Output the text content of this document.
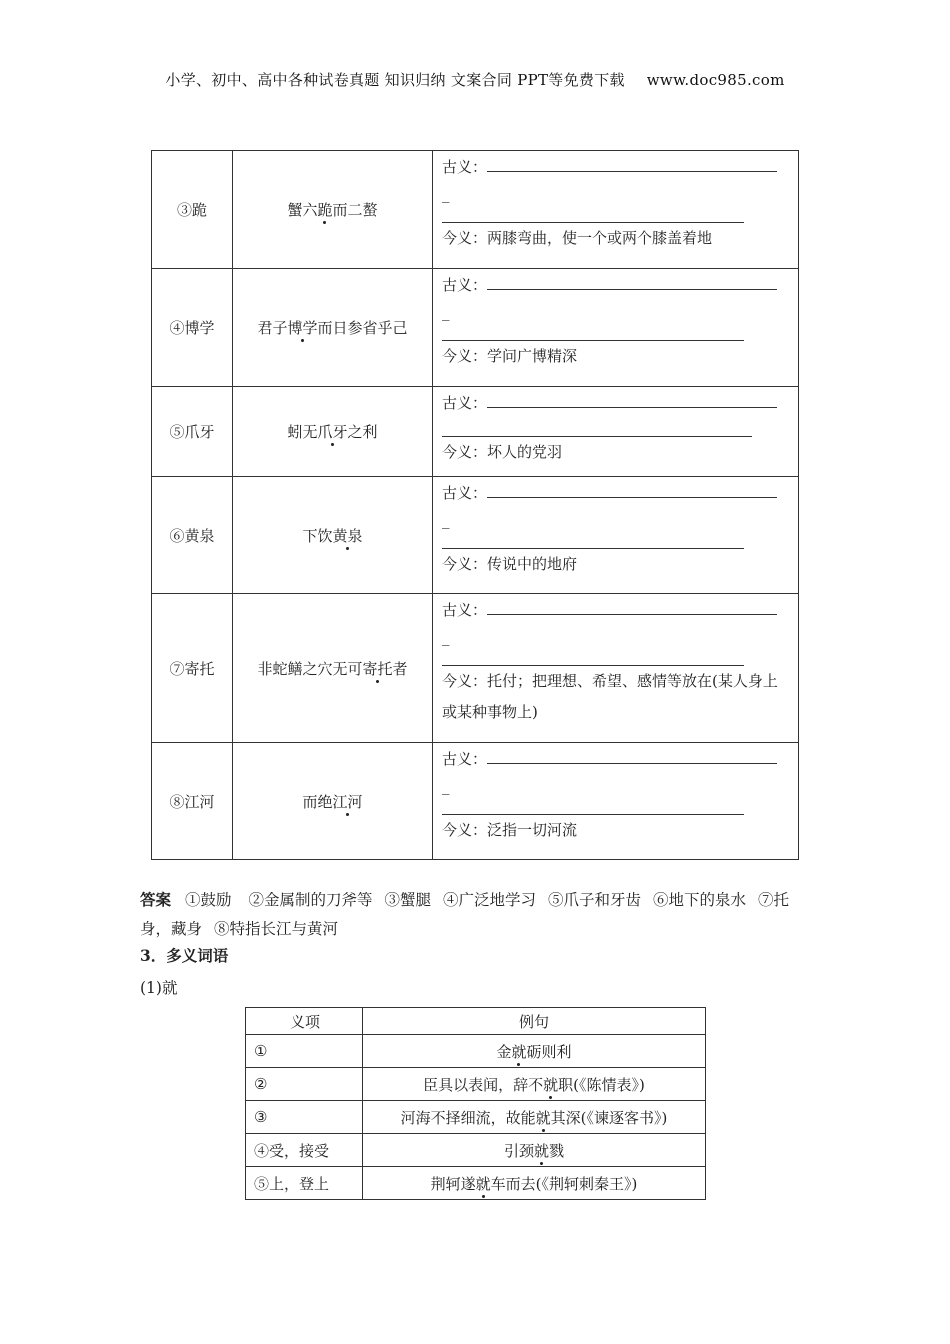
小学、初中、高中各种试卷真题 知识归纳 文案合同 PPT等免费下载 www.doc985.com
③跪	蟹六跪而二螯	古义：
_
今义：两膝弯曲，使一个或两个膝盖着地

④博学	君子博学而日参省乎己	古义：
_
今义：学问广博精深

⑤爪牙	蚓无爪牙之利	古义：
今义：坏人的党羽

⑥黄泉	下饮黄泉	古义：
_
今义：传说中的地府

⑦寄托	非蛇鳝之穴无可寄托者	古义：
_
今义：托付；把理想、希望、感情等放在(某人身上或某种事物上)

⑧江河	而绝江河	古义：
_
今义：泛指一切河流
答案 ①鼓励 ②金属制的刀斧等 ③蟹腿 ④广泛地学习 ⑤爪子和牙齿 ⑥地下的泉水 ⑦托身，藏身 ⑧特指长江与黄河
3．多义词语
(1)就
义项	例句
①	金就砺则利
②	臣具以表闻，辞不就职(《陈情表》)
③	河海不择细流，故能就其深(《谏逐客书》)
④受，接受	引颈就戮
⑤上，登上	荆轲遂就车而去(《荆轲刺秦王》)
